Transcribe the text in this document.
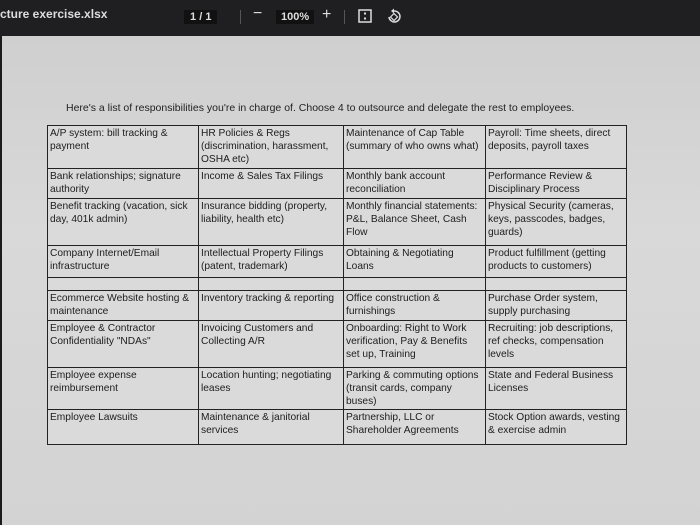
cture exercise.xlsx	1 / 1	−	100% +
Here's a list of responsibilities you're in charge of. Choose 4 to outsource and delegate the rest to employees.
A/P system: bill tracking & payment	HR Policies & Regs (discrimination, harassment, OSHA etc)	Maintenance of Cap Table (summary of who owns what)	Payroll: Time sheets, direct deposits, payroll taxes
Bank relationships; signature authority	Income & Sales Tax Filings	Monthly bank account reconciliation	Performance Review & Disciplinary Process
Benefit tracking (vacation, sick day, 401k admin)	Insurance bidding (property, liability, health etc)	Monthly financial statements: P&L, Balance Sheet, Cash Flow	Physical Security (cameras, keys, passcodes, badges, guards)
Company Internet/Email infrastructure	Intellectual Property Filings (patent, trademark)	Obtaining & Negotiating Loans	Product fulfillment (getting products to customers)

Ecommerce Website hosting & maintenance	Inventory tracking & reporting	Office construction & furnishings	Purchase Order system, supply purchasing
Employee & Contractor Confidentiality "NDAs"	Invoicing Customers and Collecting A/R	Onboarding: Right to Work verification, Pay & Benefits set up, Training	Recruiting: job descriptions, ref checks, compensation levels
Employee expense reimbursement	Location hunting; negotiating leases	Parking & commuting options (transit cards, company buses)	State and Federal Business Licenses
Employee Lawsuits	Maintenance & janitorial services	Partnership, LLC or Shareholder Agreements	Stock Option awards, vesting & exercise admin
